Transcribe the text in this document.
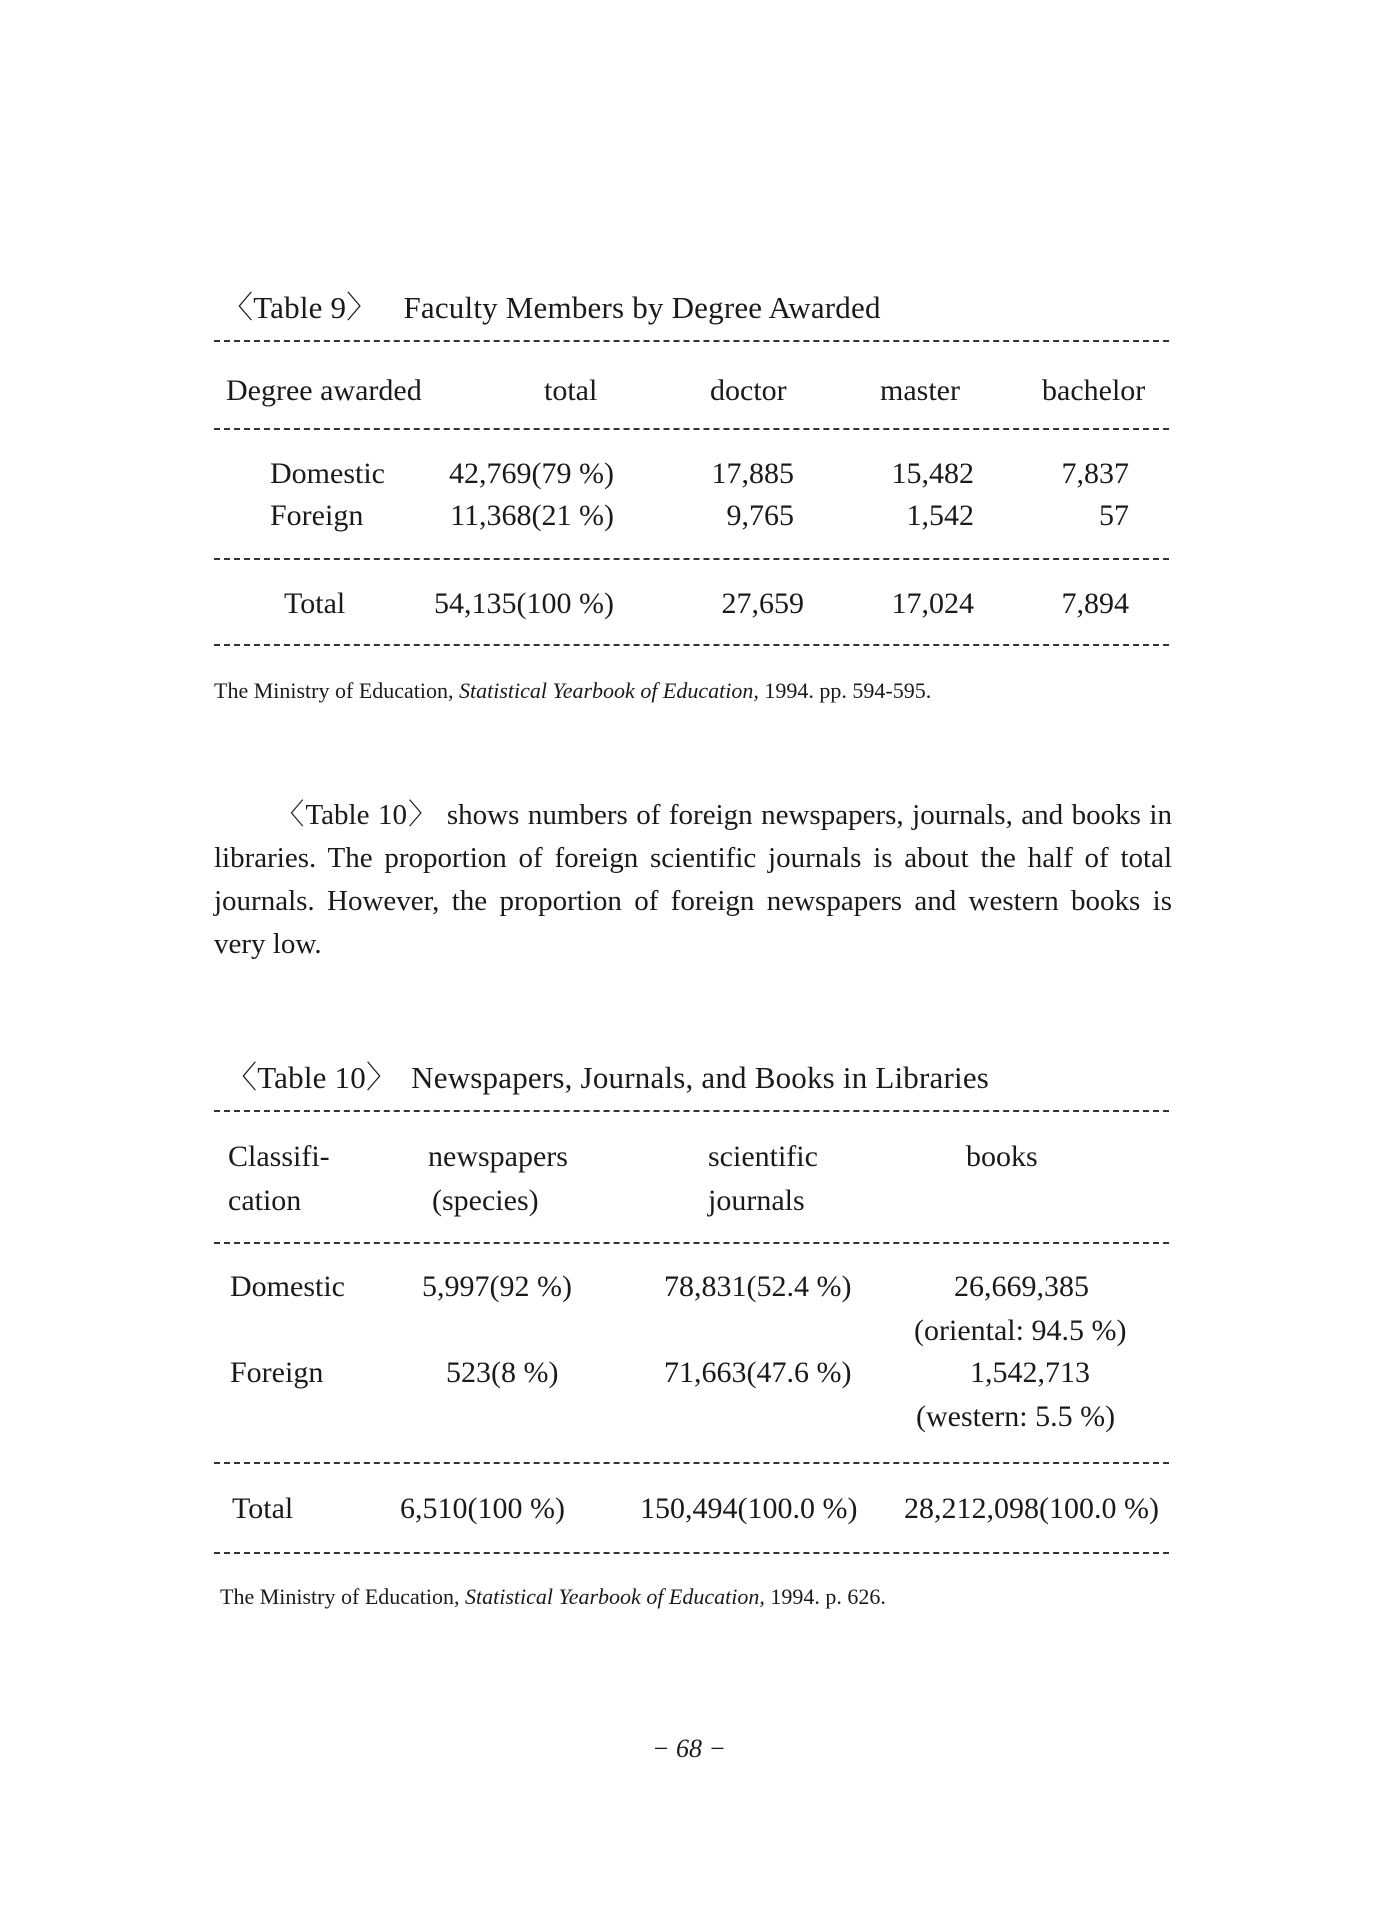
〈Table 9〉 Faculty Members by Degree Awarded
Degree awarded	total	doctor	master	bachelor
Domestic 42,769(79 %)	17,885	15,482	7,837
Foreign	11,368(21 %)	9,765	1,542	57
Total	54,135(100 %)	27,659	17,024	7,894
The Ministry of Education, Statistical Yearbook of Education, 1994. pp. 594-595.
〈Table 10〉 shows numbers of foreign newspapers, journals, and books in libraries. The proportion of foreign scientific journals is about the half of total journals. However, the proportion of foreign newspapers and western books is very low.
〈Table 10〉 Newspapers, Journals, and Books in Libraries
Classifi-	newspapers	scientific	books
cation	(species)	journals
Domestic	5,997(92 %)	78,831(52.4 %)	26,669,385
(oriental: 94.5 %)
Foreign	523(8 %)	71,663(47.6 %)	1,542,713
(western: 5.5 %)
Total	6,510(100 %)	150,494(100.0 %) 28,212,098(100.0 %)
The Ministry of Education, Statistical Yearbook of Education, 1994. p. 626.
− 68 −
